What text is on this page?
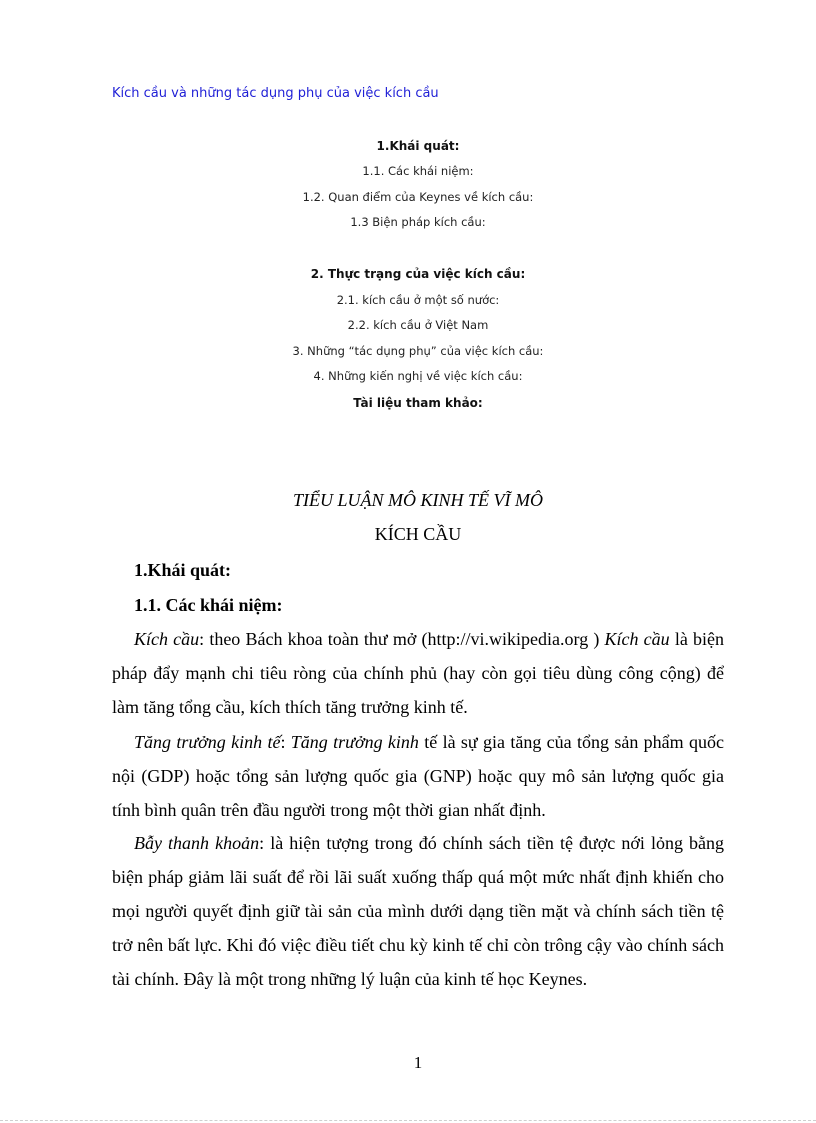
Kích cầu và những tác dụng phụ của việc kích cầu
1.Khái quát:
1.1. Các khái niệm:
1.2. Quan điểm của Keynes về kích cầu:
1.3 Biện pháp kích cầu:
2. Thực trạng của việc kích cầu:
2.1. kích cầu ở một số nước:
2.2. kích cầu ở Việt Nam
3. Những “tác dụng phụ” của việc kích cầu:
4. Những kiến nghị về việc kích cầu:
Tài liệu tham khảo:
TIỂU LUẬN MÔ KINH TẾ VĨ MÔ
KÍCH CẦU
1.Khái quát:
1.1. Các khái niệm:

Kích cầu: theo Bách khoa toàn thư mở (http://vi.wikipedia.org ) Kích cầu là biện pháp đẩy mạnh chi tiêu ròng của chính phủ (hay còn gọi tiêu dùng công cộng) để làm tăng tổng cầu, kích thích tăng trưởng kinh tế.

Tăng trưởng kinh tế: Tăng trưởng kinh tế là sự gia tăng của tổng sản phẩm quốc nội (GDP) hoặc tổng sản lượng quốc gia (GNP) hoặc quy mô sản lượng quốc gia tính bình quân trên đầu người trong một thời gian nhất định.

Bẫy thanh khoản: là hiện tượng trong đó chính sách tiền tệ được nới lỏng bằng biện pháp giảm lãi suất để rồi lãi suất xuống thấp quá một mức nhất định khiến cho mọi người quyết định giữ tài sản của mình dưới dạng tiền mặt và chính sách tiền tệ trở nên bất lực. Khi đó việc điều tiết chu kỳ kinh tế chỉ còn trông cậy vào chính sách tài chính. Đây là một trong những lý luận của kinh tế học Keynes.

1
